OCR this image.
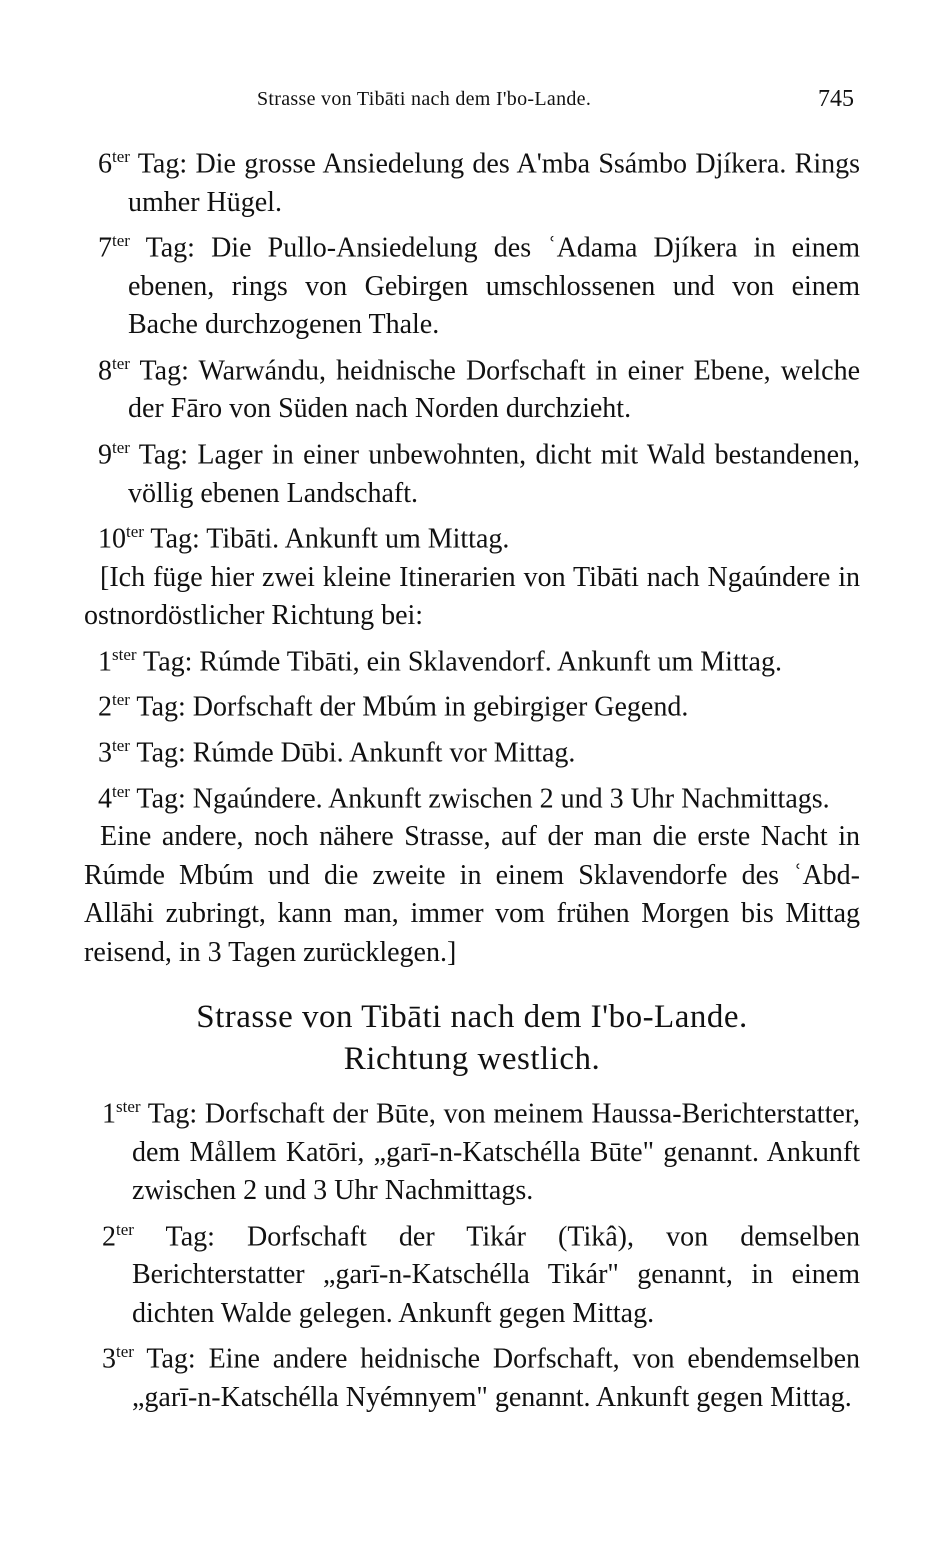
Strasse von Tibāti nach dem I'bo-Lande.	745
$6^{ter}$ Tag: Die grosse Ansiedelung des A'mba Ssámbo Djíkera. Rings umher Hügel.
$7^{ter}$ Tag: Die Pullo-Ansiedelung des ʿAdama Djíkera in einem ebenen, rings von Gebirgen umschlossenen und von einem Bache durchzogenen Thale.
$8^{ter}$ Tag: Warwándu, heidnische Dorfschaft in einer Ebene, welche der Fāro von Süden nach Norden durchzieht.
$9^{ter}$ Tag: Lager in einer unbewohnten, dicht mit Wald bestandenen, völlig ebenen Landschaft.
$10^{ter}$ Tag: Tibāti. Ankunft um Mittag.
[Ich füge hier zwei kleine Itinerarien von Tibāti nach Ngaúndere in ostnordöstlicher Richtung bei:
$1^{ster}$ Tag: Rúmde Tibāti, ein Sklavendorf. Ankunft um Mittag.
$2^{ter}$ Tag: Dorfschaft der Mbúm in gebirgiger Gegend.
$3^{ter}$ Tag: Rúmde Dūbi. Ankunft vor Mittag.
$4^{ter}$ Tag: Ngaúndere. Ankunft zwischen 2 und 3 Uhr Nachmittags.
Eine andere, noch nähere Strasse, auf der man die erste Nacht in Rúmde Mbúm und die zweite in einem Sklavendorfe des ʿAbd-Allāhi zubringt, kann man, immer vom frühen Morgen bis Mittag reisend, in 3 Tagen zurücklegen.]
Strasse von Tibāti nach dem I'bo-Lande.
Richtung westlich.
$1^{ster}$ Tag: Dorfschaft der Būte, von meinem Haussa-Berichterstatter, dem Mållem Katōri, „garī-n-Katschélla Būte" genannt. Ankunft zwischen 2 und 3 Uhr Nachmittags.
$2^{ter}$ Tag: Dorfschaft der Tikár (Tikâ), von demselben Berichterstatter „garī-n-Katschélla Tikár" genannt, in einem dichten Walde gelegen. Ankunft gegen Mittag.
$3^{ter}$ Tag: Eine andere heidnische Dorfschaft, von ebendemselben „garī-n-Katschélla Nyémnyem" genannt. Ankunft gegen Mittag.
